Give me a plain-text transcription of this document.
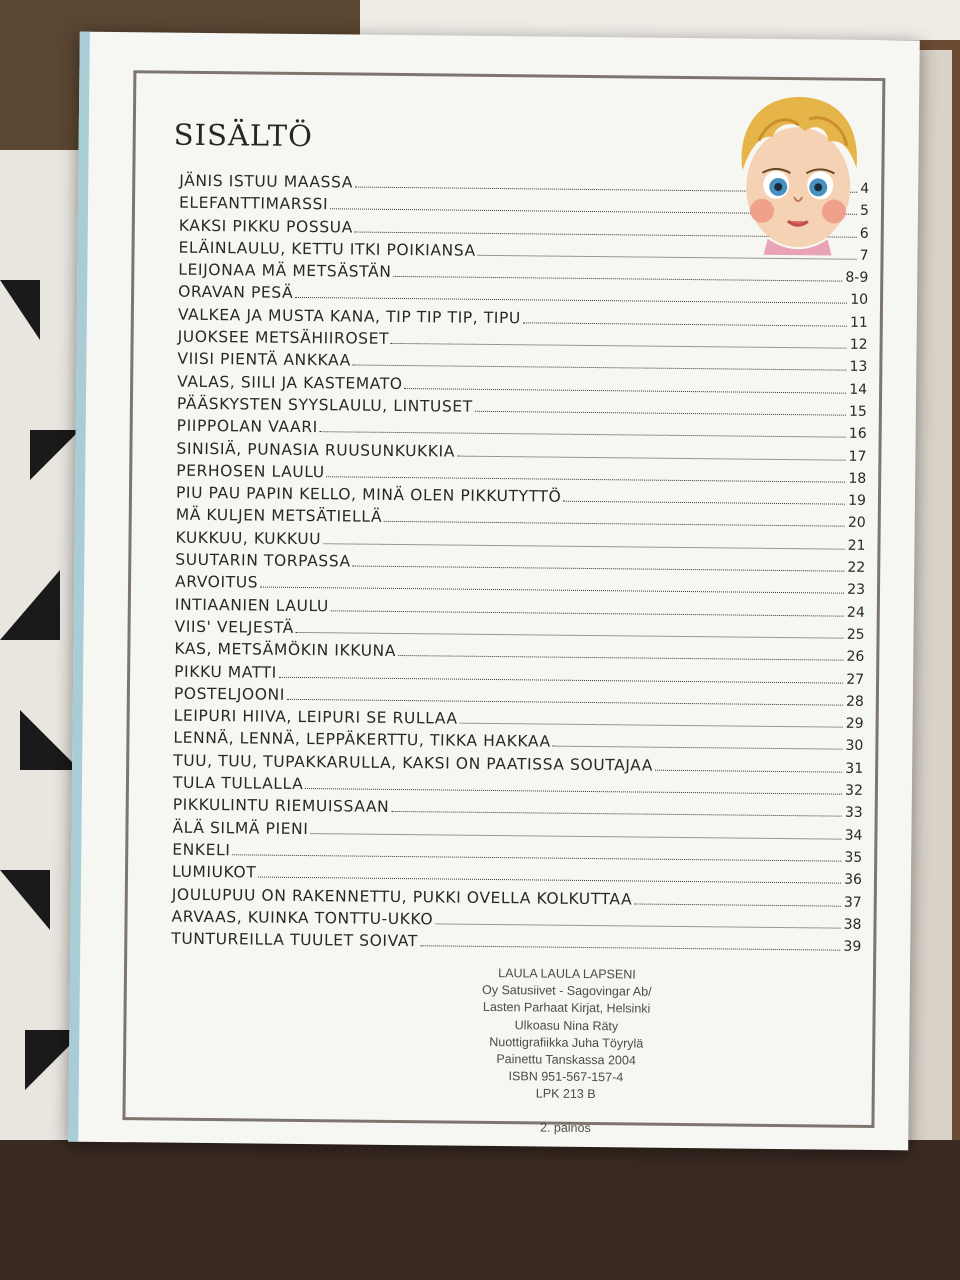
SISÄLTÖ
JÄNIS ISTUU MAASSA	4
ELEFANTTIMARSSI	5
KAKSI PIKKU POSSUA	6
ELÄINLAULU, KETTU ITKI POIKIANSA	7
LEIJONAA MÄ METSÄSTÄN	8-9
ORAVAN PESÄ	10
VALKEA JA MUSTA KANA, TIP TIP TIP, TIPU	11
JUOKSEE METSÄHIIROSET	12
VIISI PIENTÄ ANKKAA	13
VALAS, SIILI JA KASTEMATO	14
PÄÄSKYSTEN SYYSLAULU, LINTUSET	15
PIIPPOLAN VAARI	16
SINISIÄ, PUNASIA RUUSUNKUKKIA	17
PERHOSEN LAULU	18
PIU PAU PAPIN KELLO, MINÄ OLEN PIKKUTYTTÖ	19
MÄ KULJEN METSÄTIELLÄ	20
KUKKUU, KUKKUU	21
SUUTARIN TORPASSA	22
ARVOITUS	23
INTIAANIEN LAULU	24
VIIS' VELJESTÄ	25
KAS, METSÄMÖKIN IKKUNA	26
PIKKU MATTI	27
POSTELJOONI	28
LEIPURI HIIVA, LEIPURI SE RULLAA	29
LENNÄ, LENNÄ, LEPPÄKERTTU, TIKKA HAKKAA	30
TUU, TUU, TUPAKKARULLA, KAKSI ON PAATISSA SOUTAJAA	31
TULA TULLALLA	32
PIKKULINTU RIEMUISSAAN	33
ÄLÄ SILMÄ PIENI	34
ENKELI	35
LUMIUKOT	36
JOULUPUU ON RAKENNETTU, PUKKI OVELLA KOLKUTTAA	37
ARVAAS, KUINKA TONTTU-UKKO	38
TUNTUREILLA TUULET SOIVAT	39
LAULA LAULA LAPSENI
Oy Satusiivet - Sagovingar Ab/
Lasten Parhaat Kirjat, Helsinki
Ulkoasu Nina Räty
Nuottigrafiikka Juha Töyrylä
Painettu Tanskassa 2004
ISBN 951-567-157-4
LPK 213 B
2. painos
